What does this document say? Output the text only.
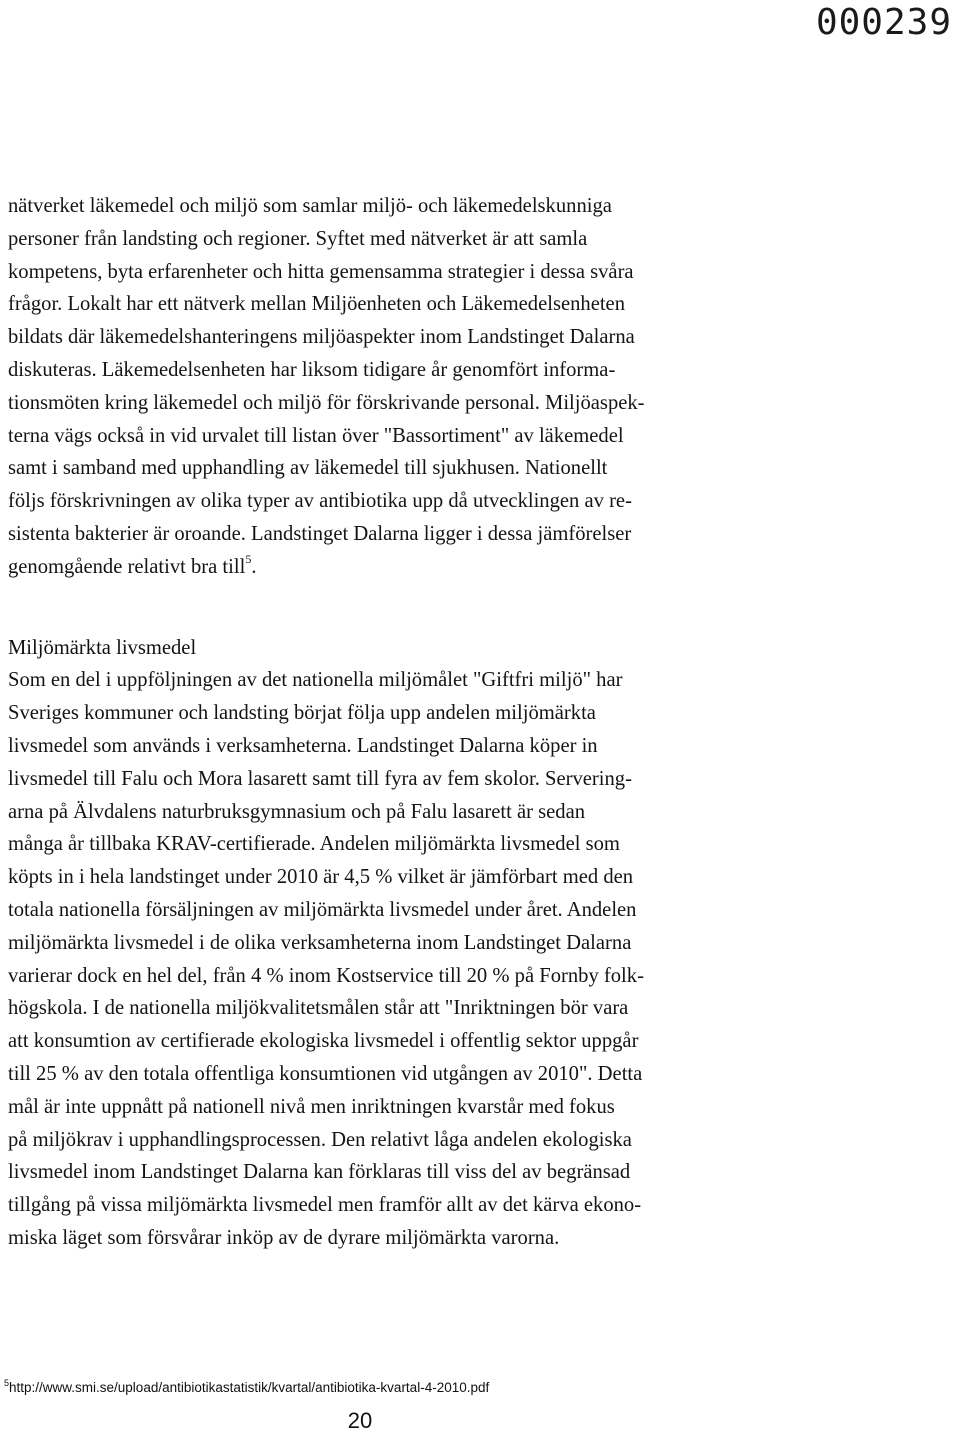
000239

nätverket läkemedel och miljö som samlar miljö- och läkemedelskunniga
personer från landsting och regioner. Syftet med nätverket är att samla
kompetens, byta erfarenheter och hitta gemensamma strategier i dessa svåra
frågor. Lokalt har ett nätverk mellan Miljöenheten och Läkemedelsenheten
bildats där läkemedelshanteringens miljöaspekter inom Landstinget Dalarna
diskuteras. Läkemedelsenheten har liksom tidigare år genomfört informa-
tionsmöten kring läkemedel och miljö för förskrivande personal. Miljöaspek-
terna vägs också in vid urvalet till listan över "Bassortiment" av läkemedel
samt i samband med upphandling av läkemedel till sjukhusen. Nationellt
följs förskrivningen av olika typer av antibiotika upp då utvecklingen av re-
sistenta bakterier är oroande. Landstinget Dalarna ligger i dessa jämförelser
genomgående relativt bra till$^5$.

Miljömärkta livsmedel

Som en del i uppföljningen av det nationella miljömålet "Giftfri miljö" har
Sveriges kommuner och landsting börjat följa upp andelen miljömärkta
livsmedel som används i verksamheterna. Landstinget Dalarna köper in
livsmedel till Falu och Mora lasarett samt till fyra av fem skolor. Servering-
arna på Älvdalens naturbruksgymnasium och på Falu lasarett är sedan
många år tillbaka KRAV-certifierade. Andelen miljömärkta livsmedel som
köpts in i hela landstinget under 2010 är 4,5 % vilket är jämförbart med den
totala nationella försäljningen av miljömärkta livsmedel under året. Andelen
miljömärkta livsmedel i de olika verksamheterna inom Landstinget Dalarna
varierar dock en hel del, från 4 % inom Kostservice till 20 % på Fornby folk-
högskola. I de nationella miljökvalitetsmålen står att "Inriktningen bör vara
att konsumtion av certifierade ekologiska livsmedel i offentlig sektor uppgår
till 25 % av den totala offentliga konsumtionen vid utgången av 2010". Detta
mål är inte uppnått på nationell nivå men inriktningen kvarstår med fokus
på miljökrav i upphandlingsprocessen. Den relativt låga andelen ekologiska
livsmedel inom Landstinget Dalarna kan förklaras till viss del av begränsad
tillgång på vissa miljömärkta livsmedel men framför allt av det kärva ekono-
miska läget som försvårar inköp av de dyrare miljömärkta varorna.

$^5$http://www.smi.se/upload/antibiotikastatistik/kvartal/antibiotika-kvartal-4-2010.pdf
20
